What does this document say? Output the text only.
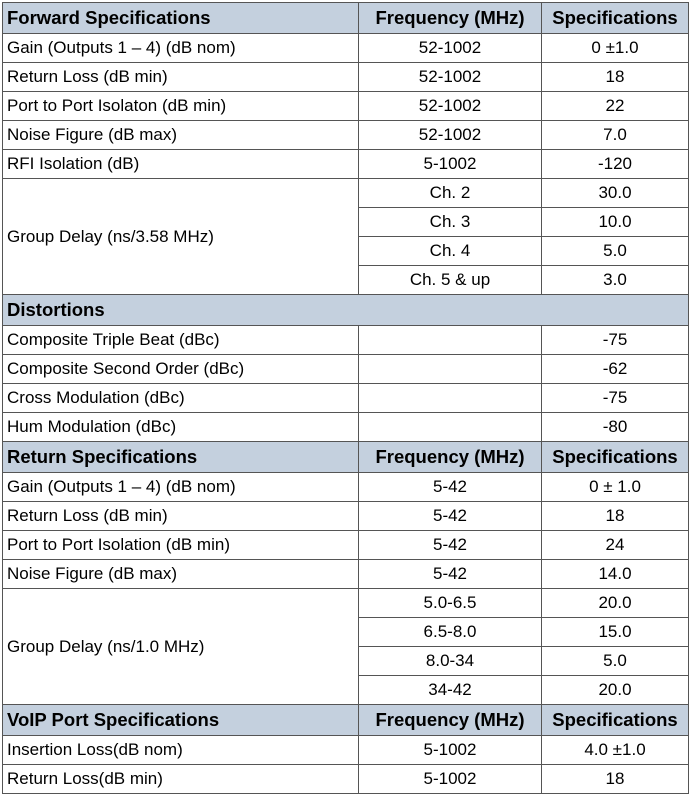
Forward Specifications	Frequency (MHz)	Specifications
Gain (Outputs 1 – 4) (dB nom)	52-1002	0 ±1.0
Return Loss (dB min)	52-1002	18
Port to Port Isolaton (dB min)	52-1002	22
Noise Figure (dB max)	52-1002	7.0
RFI Isolation (dB)	5-1002	-120
Group Delay (ns/3.58 MHz)	Ch. 2	30.0
	Ch. 3	10.0
	Ch. 4	5.0
	Ch. 5 & up	3.0
Distortions		
Composite Triple Beat (dBc)		-75
Composite Second Order (dBc)		-62
Cross Modulation (dBc)		-75
Hum Modulation (dBc)		-80
Return Specifications	Frequency (MHz)	Specifications
Gain (Outputs 1 – 4) (dB nom)	5-42	0 ± 1.0
Return Loss (dB min)	5-42	18
Port to Port Isolation (dB min)	5-42	24
Noise Figure (dB max)	5-42	14.0
Group Delay (ns/1.0 MHz)	5.0-6.5	20.0
	6.5-8.0	15.0
	8.0-34	5.0
	34-42	20.0
VoIP Port Specifications	Frequency (MHz)	Specifications
Insertion Loss(dB nom)	5-1002	4.0 ±1.0
Return Loss(dB min)	5-1002	18
